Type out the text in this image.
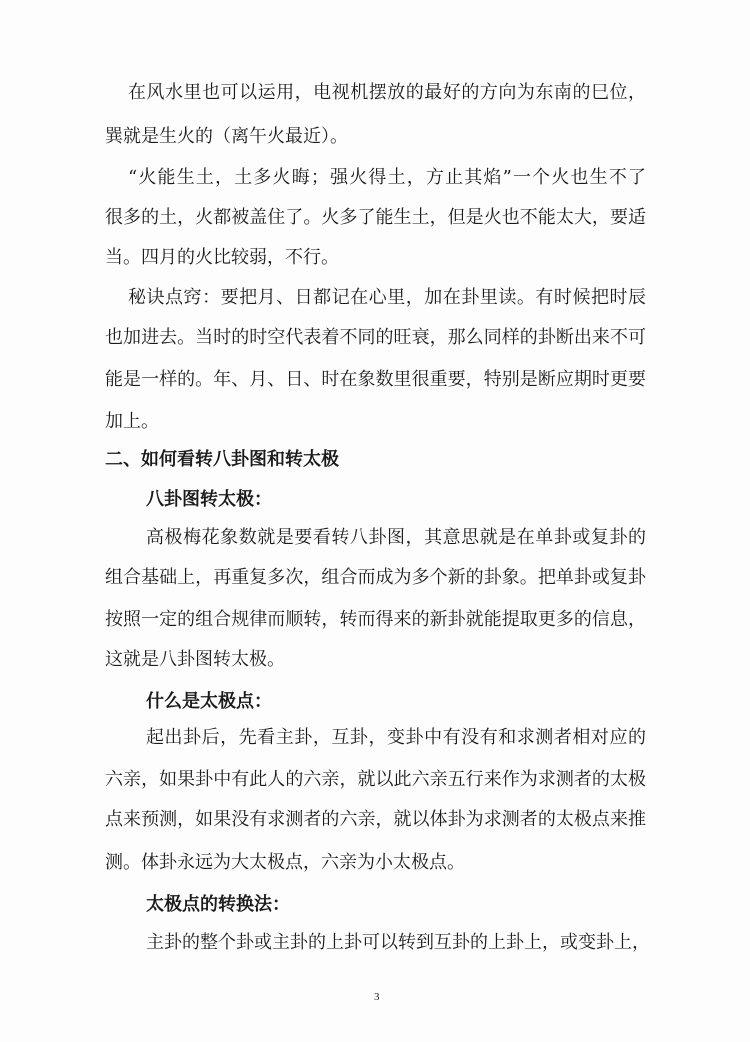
在风水里也可以运用，电视机摆放的最好的方向为东南的巳位，
巽就是生火的（离午火最近）。
“火能生土，土多火晦；强火得土，方止其焰”一个火也生不了
很多的土，火都被盖住了。火多了能生土，但是火也不能太大，要适
当。四月的火比较弱，不行。
秘诀点窍：要把月、日都记在心里，加在卦里读。有时候把时辰
也加进去。当时的时空代表着不同的旺衰，那么同样的卦断出来不可
能是一样的。年、月、日、时在象数里很重要，特别是断应期时更要
加上。
二、如何看转八卦图和转太极
八卦图转太极：
高极梅花象数就是要看转八卦图，其意思就是在单卦或复卦的
组合基础上，再重复多次，组合而成为多个新的卦象。把单卦或复卦
按照一定的组合规律而顺转，转而得来的新卦就能提取更多的信息，
这就是八卦图转太极。
什么是太极点：
起出卦后，先看主卦，互卦，变卦中有没有和求测者相对应的
六亲，如果卦中有此人的六亲，就以此六亲五行来作为求测者的太极
点来预测，如果没有求测者的六亲，就以体卦为求测者的太极点来推
测。体卦永远为大太极点，六亲为小太极点。
太极点的转换法：
主卦的整个卦或主卦的上卦可以转到互卦的上卦上，或变卦上，
3
